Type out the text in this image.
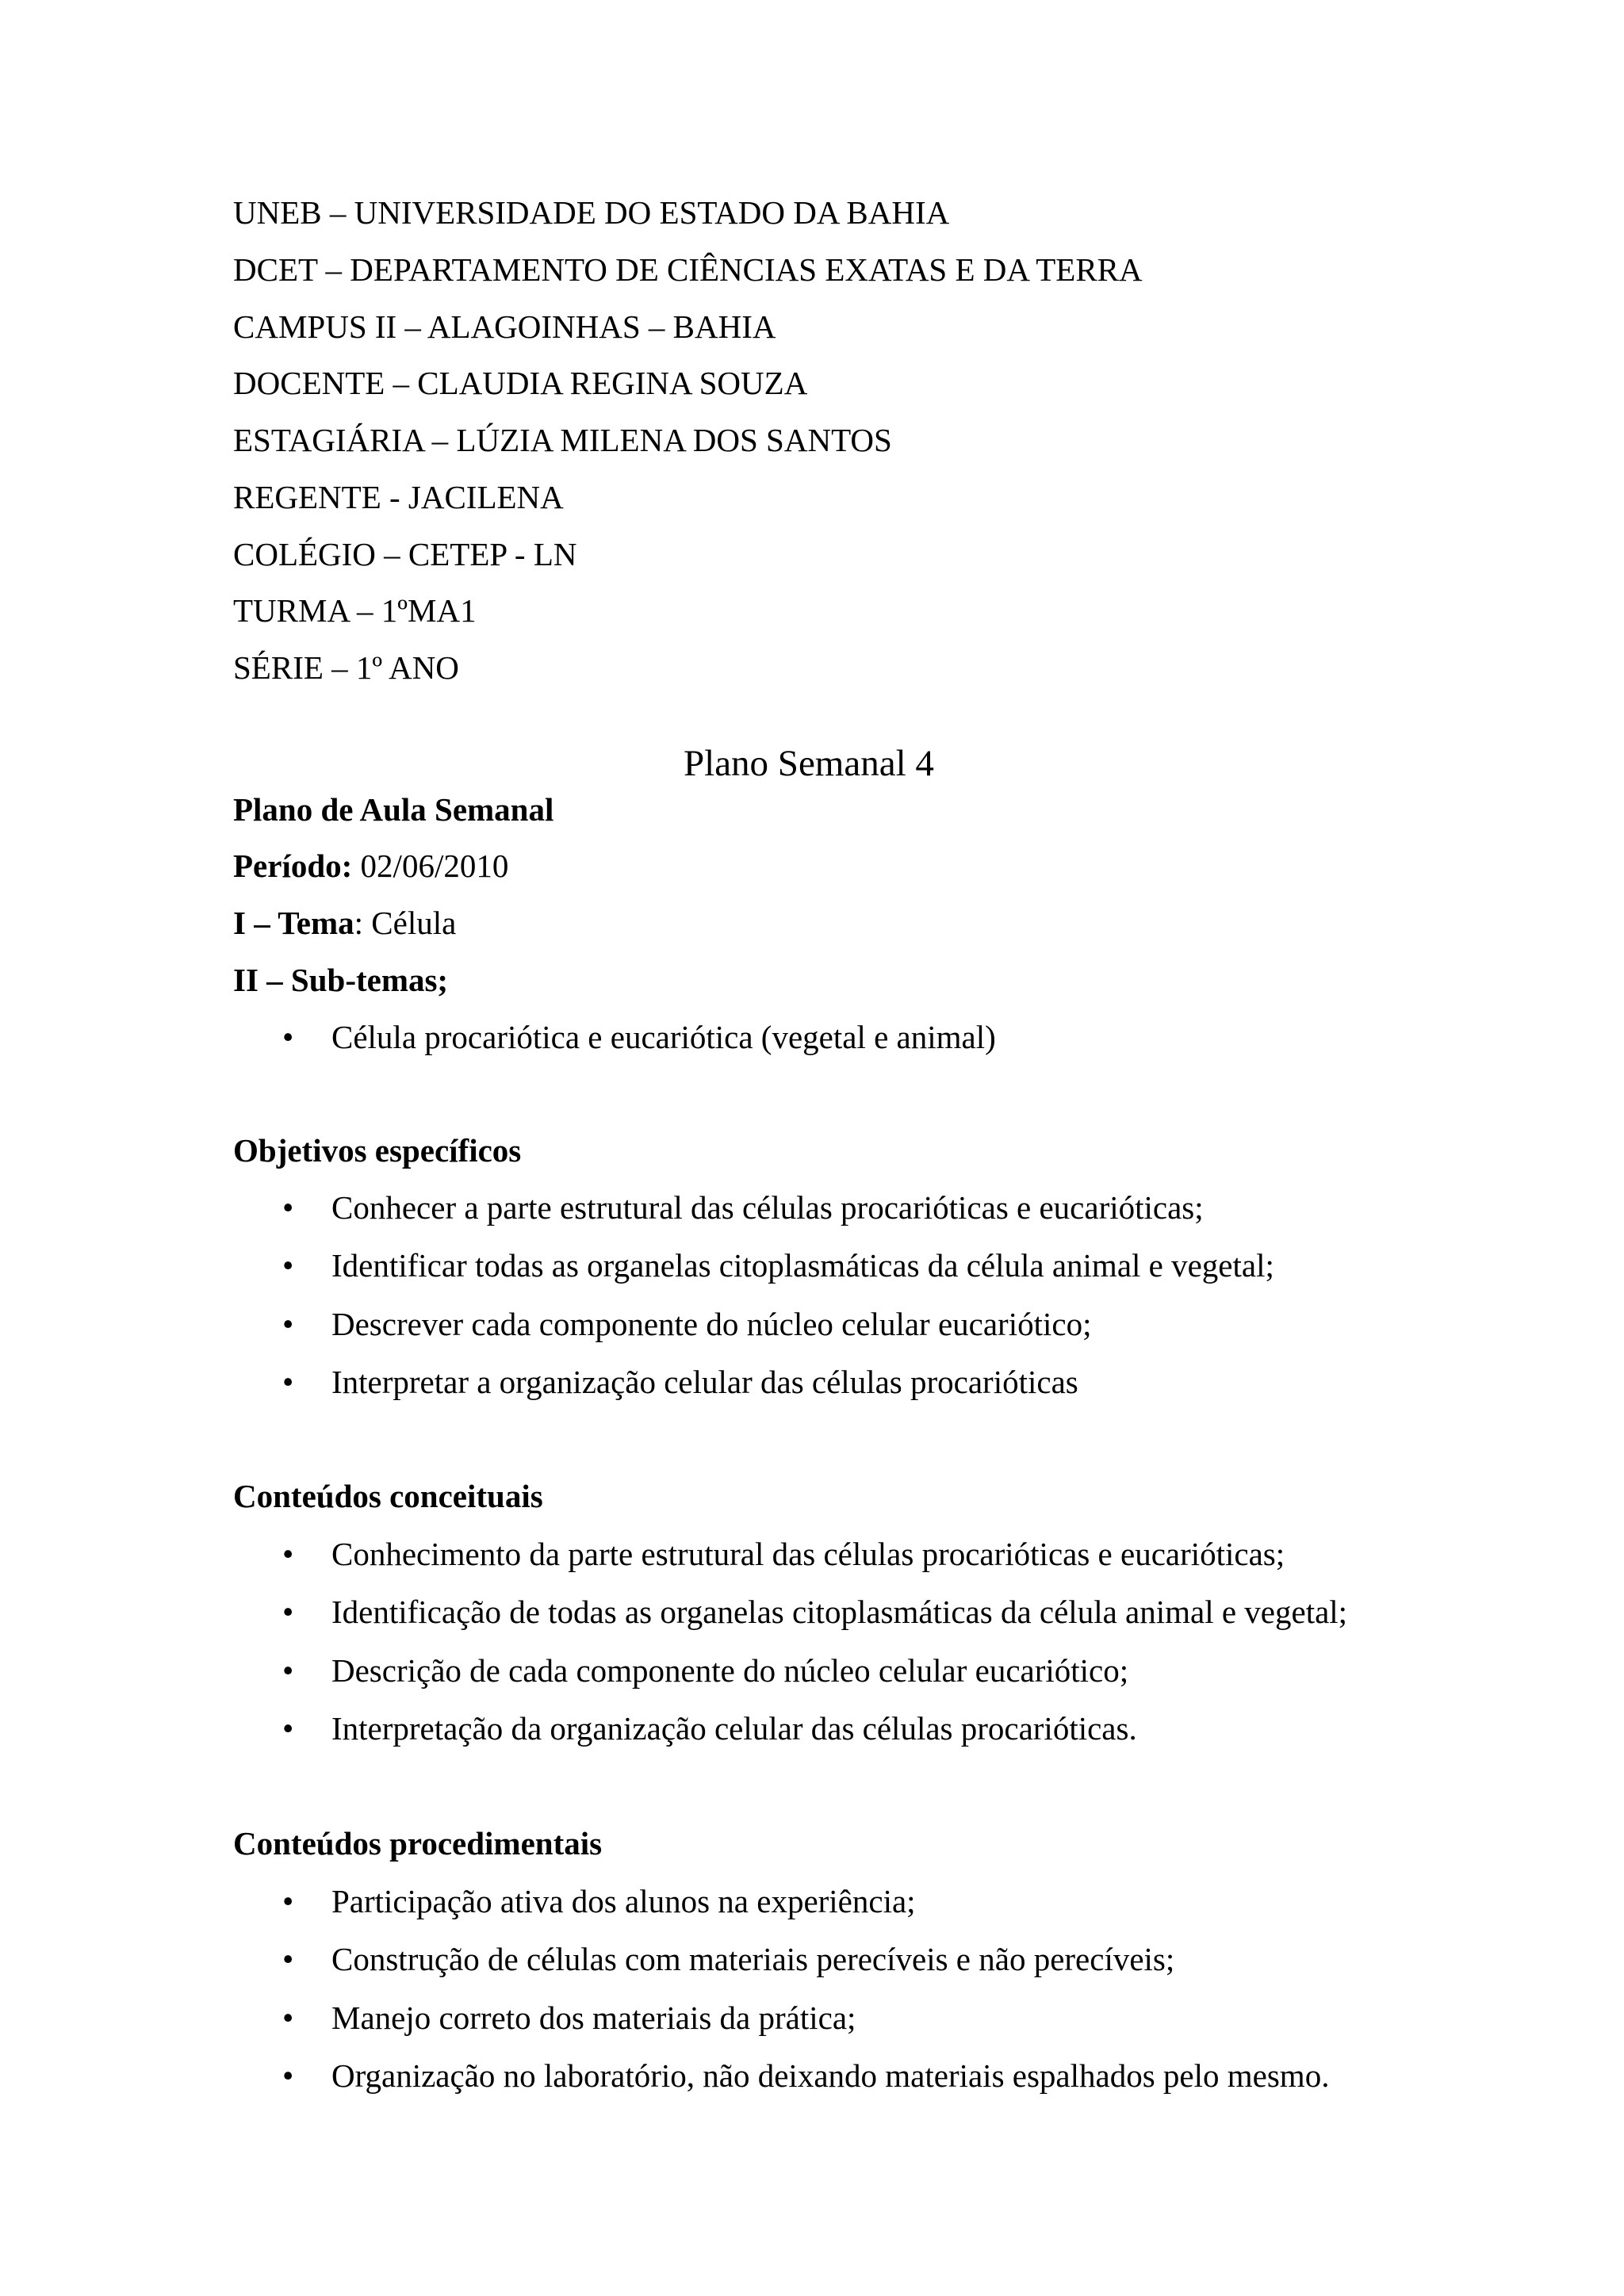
UNEB – UNIVERSIDADE DO ESTADO DA BAHIA
DCET – DEPARTAMENTO DE CIÊNCIAS EXATAS E DA TERRA
CAMPUS II – ALAGOINHAS – BAHIA
DOCENTE – CLAUDIA REGINA SOUZA
ESTAGIÁRIA – LÚZIA MILENA DOS SANTOS
REGENTE - JACILENA
COLÉGIO – CETEP - LN
TURMA – 1ºMA1
SÉRIE – 1º ANO
Plano Semanal 4
Plano de Aula Semanal
Período: 02/06/2010
I – Tema: Célula
II – Sub-temas;
• Célula procariótica e eucariótica (vegetal e animal)
Objetivos específicos
• Conhecer a parte estrutural das células procarióticas e eucarióticas;
• Identificar todas as organelas citoplasmáticas da célula animal e vegetal;
• Descrever cada componente do núcleo celular eucariótico;
• Interpretar a organização celular das células procarióticas
Conteúdos conceituais
• Conhecimento da parte estrutural das células procarióticas e eucarióticas;
• Identificação de todas as organelas citoplasmáticas da célula animal e vegetal;
• Descrição de cada componente do núcleo celular eucariótico;
• Interpretação da organização celular das células procarióticas.
Conteúdos procedimentais
• Participação ativa dos alunos na experiência;
• Construção de células com materiais perecíveis e não perecíveis;
• Manejo correto dos materiais da prática;
• Organização no laboratório, não deixando materiais espalhados pelo mesmo.
